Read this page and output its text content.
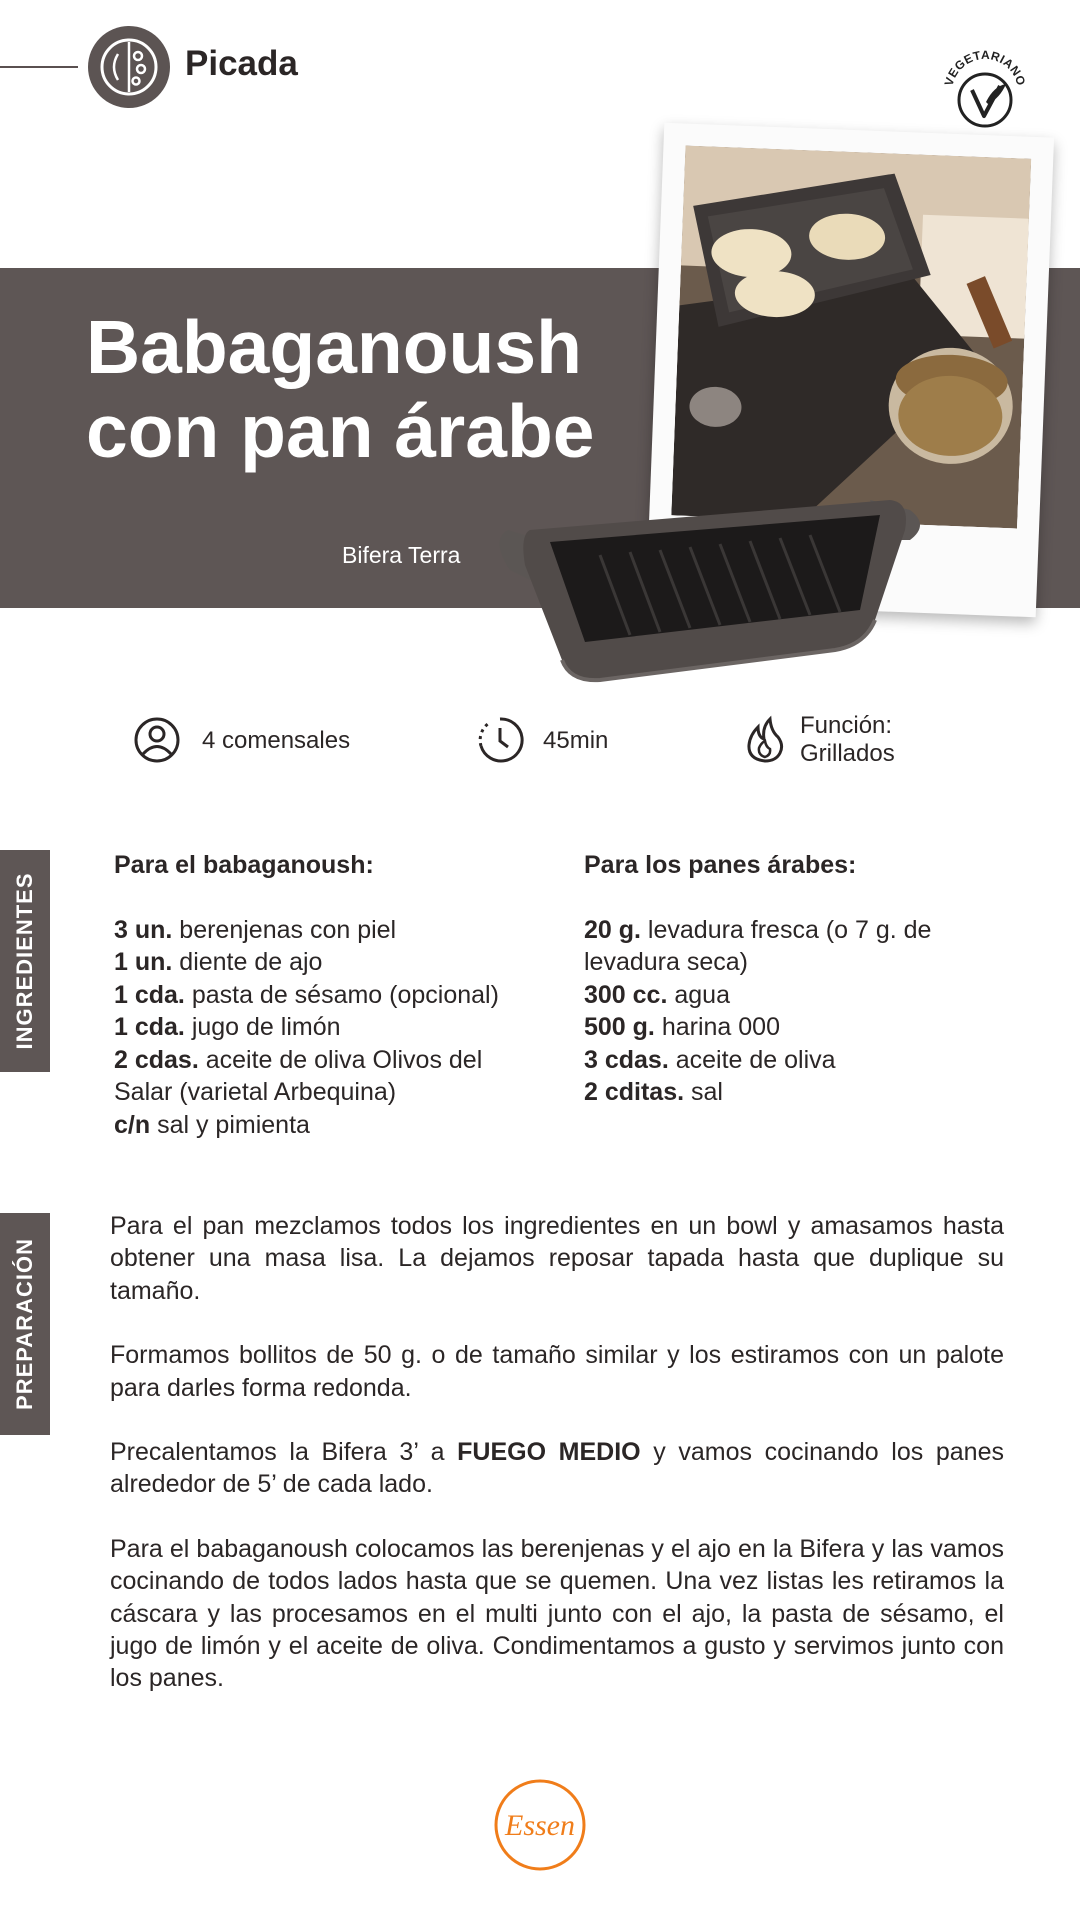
Picada	VEGETARIANO
Babaganoush
con pan árabe
Bifera Terra
4 comensales	45min
Función:
Grillados
INGREDIENTES
PREPARACIÓN
Para el babaganoush:
3 un. berenjenas con piel
1 un. diente de ajo
1 cda. pasta de sésamo (opcional)
1 cda. jugo de limón
2 cdas. aceite de oliva Olivos del Salar (varietal Arbequina)
c/n sal y pimienta
Para los panes árabes:
20 g. levadura fresca (o 7 g. de levadura seca)
300 cc. agua
500 g. harina 000
3 cdas. aceite de oliva
2 cditas. sal

Para el pan mezclamos todos los ingredientes en un bowl y amasamos hasta obtener una masa lisa. La dejamos reposar tapada hasta que duplique su tamaño.

Formamos bollitos de 50 g. o de tamaño similar y los estiramos con un palote para darles forma redonda.

Precalentamos la Bifera 3’ a FUEGO MEDIO y vamos cocinando los panes alrededor de 5’ de cada lado.

Para el babaganoush colocamos las berenjenas y el ajo en la Bifera y las vamos cocinando de todos lados hasta que se quemen. Una vez listas les retiramos la cáscara y las procesamos en el multi junto con el ajo, la pasta de sésamo, el jugo de limón y el aceite de oliva. Condimentamos a gusto y servimos junto con los panes.

Essen
